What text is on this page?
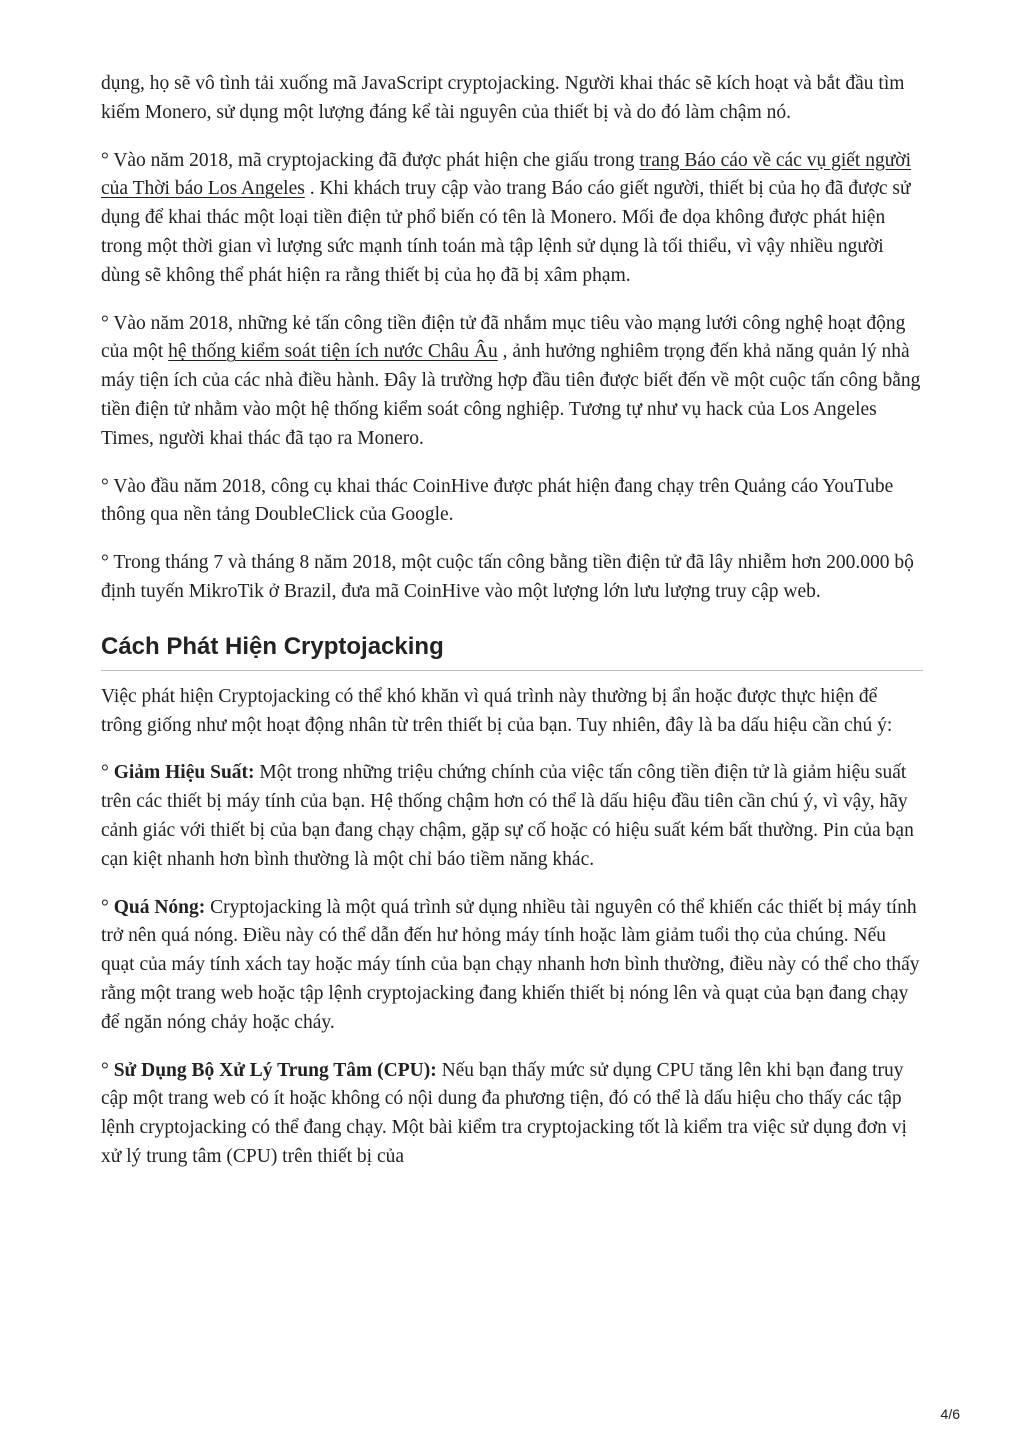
dụng, họ sẽ vô tình tải xuống mã JavaScript cryptojacking. Người khai thác sẽ kích hoạt và bắt đầu tìm kiếm Monero, sử dụng một lượng đáng kể tài nguyên của thiết bị và do đó làm chậm nó.

° Vào năm 2018, mã cryptojacking đã được phát hiện che giấu trong trang Báo cáo về các vụ giết người của Thời báo Los Angeles . Khi khách truy cập vào trang Báo cáo giết người, thiết bị của họ đã được sử dụng để khai thác một loại tiền điện tử phổ biến có tên là Monero. Mối đe dọa không được phát hiện trong một thời gian vì lượng sức mạnh tính toán mà tập lệnh sử dụng là tối thiểu, vì vậy nhiều người dùng sẽ không thể phát hiện ra rằng thiết bị của họ đã bị xâm phạm.

° Vào năm 2018, những kẻ tấn công tiền điện tử đã nhắm mục tiêu vào mạng lưới công nghệ hoạt động của một hệ thống kiểm soát tiện ích nước Châu Âu , ảnh hưởng nghiêm trọng đến khả năng quản lý nhà máy tiện ích của các nhà điều hành. Đây là trường hợp đầu tiên được biết đến về một cuộc tấn công bằng tiền điện tử nhằm vào một hệ thống kiểm soát công nghiệp. Tương tự như vụ hack của Los Angeles Times, người khai thác đã tạo ra Monero.

° Vào đầu năm 2018, công cụ khai thác CoinHive được phát hiện đang chạy trên Quảng cáo YouTube thông qua nền tảng DoubleClick của Google.

° Trong tháng 7 và tháng 8 năm 2018, một cuộc tấn công bằng tiền điện tử đã lây nhiễm hơn 200.000 bộ định tuyến MikroTik ở Brazil, đưa mã CoinHive vào một lượng lớn lưu lượng truy cập web.

Cách Phát Hiện Cryptojacking

Việc phát hiện Cryptojacking có thể khó khăn vì quá trình này thường bị ẩn hoặc được thực hiện để trông giống như một hoạt động nhân từ trên thiết bị của bạn. Tuy nhiên, đây là ba dấu hiệu cần chú ý:

° Giảm Hiệu Suất: Một trong những triệu chứng chính của việc tấn công tiền điện tử là giảm hiệu suất trên các thiết bị máy tính của bạn. Hệ thống chậm hơn có thể là dấu hiệu đầu tiên cần chú ý, vì vậy, hãy cảnh giác với thiết bị của bạn đang chạy chậm, gặp sự cố hoặc có hiệu suất kém bất thường. Pin của bạn cạn kiệt nhanh hơn bình thường là một chỉ báo tiềm năng khác.

° Quá Nóng: Cryptojacking là một quá trình sử dụng nhiều tài nguyên có thể khiến các thiết bị máy tính trở nên quá nóng. Điều này có thể dẫn đến hư hỏng máy tính hoặc làm giảm tuổi thọ của chúng. Nếu quạt của máy tính xách tay hoặc máy tính của bạn chạy nhanh hơn bình thường, điều này có thể cho thấy rằng một trang web hoặc tập lệnh cryptojacking đang khiến thiết bị nóng lên và quạt của bạn đang chạy để ngăn nóng chảy hoặc cháy.

° Sử Dụng Bộ Xử Lý Trung Tâm (CPU): Nếu bạn thấy mức sử dụng CPU tăng lên khi bạn đang truy cập một trang web có ít hoặc không có nội dung đa phương tiện, đó có thể là dấu hiệu cho thấy các tập lệnh cryptojacking có thể đang chạy. Một bài kiểm tra cryptojacking tốt là kiểm tra việc sử dụng đơn vị xử lý trung tâm (CPU) trên thiết bị của

4/6
